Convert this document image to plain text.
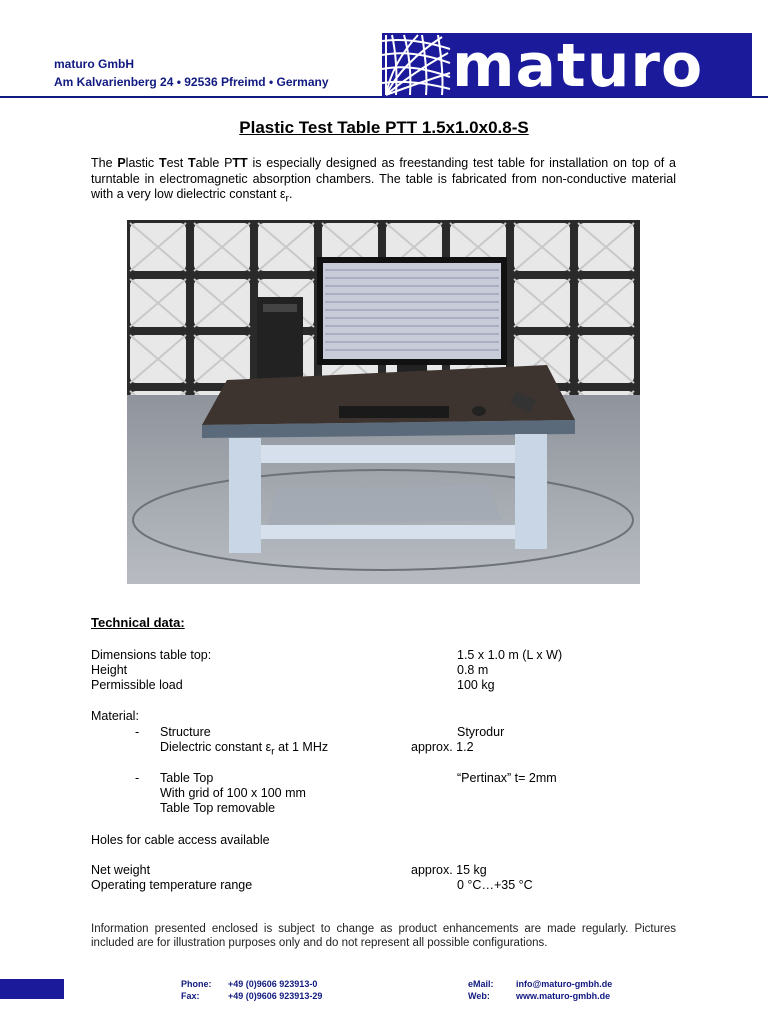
maturo GmbH
Am Kalvarienberg 24 • 92536 Pfreimd • Germany maturo
Plastic Test Table PTT 1.5x1.0x0.8-S
The Plastic Test Table PTT is especially designed as freestanding test table for installation on top of a turntable in electromagnetic absorption chambers. The table is fabricated from non-conductive material with a very low dielectric constant $\varepsilon_r$.
Technical data:
Dimensions table top:	1.5 x 1.0 m (L x W)
Height	0.8 m
Permissible load	100 kg
Material:
- Structure	Styrodur
Dielectric constant $\varepsilon_r$ at 1 MHz	approx. 1.2
- Table Top	“Pertinax” t= 2mm
With grid of 100 x 100 mm
Table Top removable
Holes for cable access available
Net weight	approx. 15 kg
Operating temperature range	0 °C…+35 °C
Information presented enclosed is subject to change as product enhancements are made regularly. Pictures included are for illustration purposes only and do not represent all possible configurations.
Phone: +49 (0)9606 923913-0
Fax:	+49 (0)9606 923913-29
eMail: info@maturo-gmbh.de
Web:	www.maturo-gmbh.de
